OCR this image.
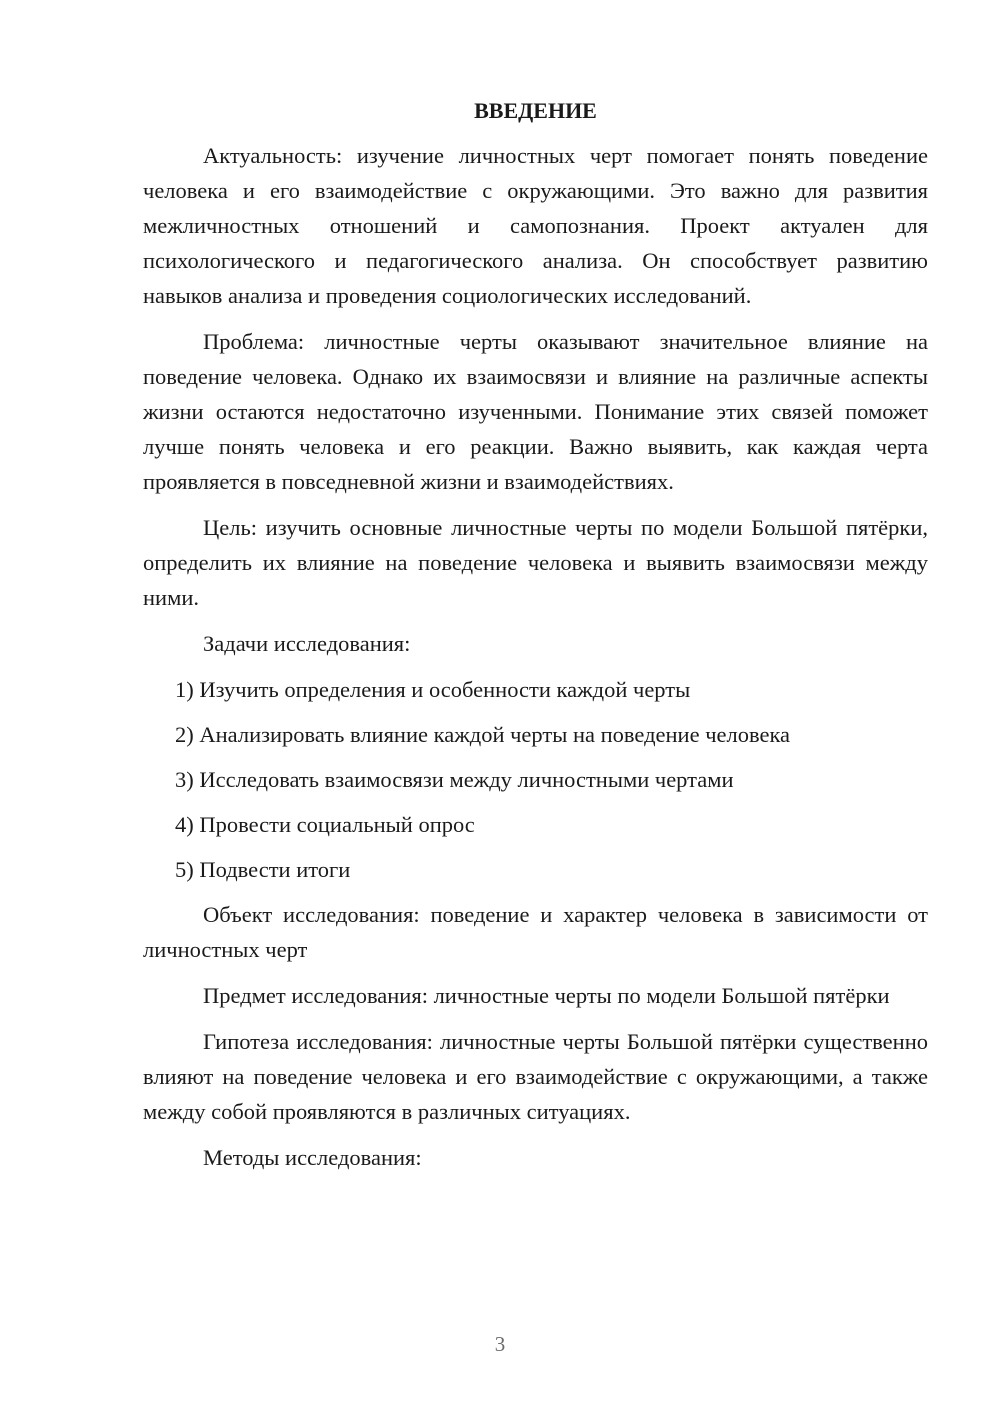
ВВЕДЕНИЕ

Актуальность: изучение личностных черт помогает понять поведение человека и его взаимодействие с окружающими. Это важно для развития межличностных отношений и самопознания. Проект актуален для психологического и педагогического анализа. Он способствует развитию навыков анализа и проведения социологических исследований.

Проблема: личностные черты оказывают значительное влияние на поведение человека. Однако их взаимосвязи и влияние на различные аспекты жизни остаются недостаточно изученными. Понимание этих связей поможет лучше понять человека и его реакции. Важно выявить, как каждая черта проявляется в повседневной жизни и взаимодействиях.

Цель: изучить основные личностные черты по модели Большой пятёрки, определить их влияние на поведение человека и выявить взаимосвязи между ними.

Задачи исследования:

1) Изучить определения и особенности каждой черты
2) Анализировать влияние каждой черты на поведение человека
3) Исследовать взаимосвязи между личностными чертами
4) Провести социальный опрос
5) Подвести итоги

Объект исследования: поведение и характер человека в зависимости от личностных черт

Предмет исследования: личностные черты по модели Большой пятёрки

Гипотеза исследования: личностные черты Большой пятёрки существенно влияют на поведение человека и его взаимодействие с окружающими, а также между собой проявляются в различных ситуациях.

Методы исследования:

3
